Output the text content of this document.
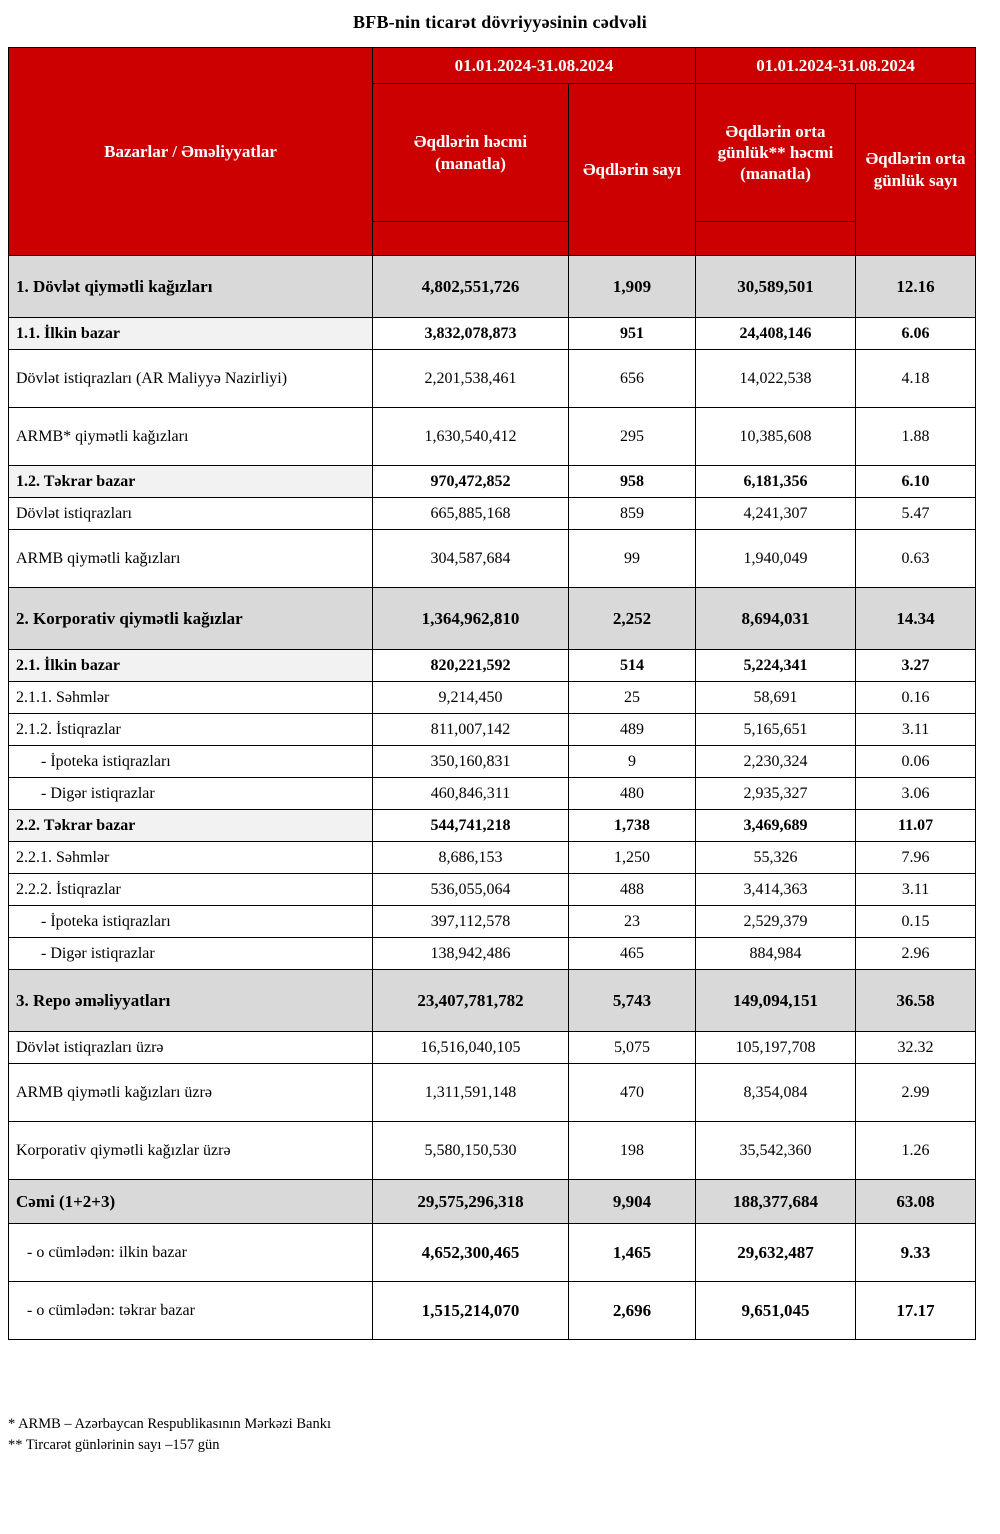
BFB-nin ticarət dövriyyəsinin cədvəli
Bazarlar / Əməliyyatlar	01.01.2024-31.08.2024		01.01.2024-31.08.2024	
	Əqdlərin həcmi (manatla)	Əqdlərin sayı	Əqdlərin orta günlük** həcmi (manatla)	Əqdlərin orta günlük sayı

1. Dövlət qiymətli kağızları	4,802,551,726	1,909	30,589,501	12.16
1.1. İlkin bazar	3,832,078,873	951	24,408,146	6.06
Dövlət istiqrazları (AR Maliyyə Nazirliyi)	2,201,538,461	656	14,022,538	4.18
ARMB* qiymətli kağızları	1,630,540,412	295	10,385,608	1.88
1.2. Təkrar bazar	970,472,852	958	6,181,356	6.10
Dövlət istiqrazları	665,885,168	859	4,241,307	5.47
ARMB qiymətli kağızları	304,587,684	99	1,940,049	0.63
2. Korporativ qiymətli kağızlar	1,364,962,810	2,252	8,694,031	14.34
2.1. İlkin bazar	820,221,592	514	5,224,341	3.27
2.1.1. Səhmlər	9,214,450	25	58,691	0.16
2.1.2. İstiqrazlar	811,007,142	489	5,165,651	3.11
- İpoteka istiqrazları	350,160,831	9	2,230,324	0.06
- Digər istiqrazlar	460,846,311	480	2,935,327	3.06
2.2. Təkrar bazar	544,741,218	1,738	3,469,689	11.07
2.2.1. Səhmlər	8,686,153	1,250	55,326	7.96
2.2.2. İstiqrazlar	536,055,064	488	3,414,363	3.11
- İpoteka istiqrazları	397,112,578	23	2,529,379	0.15
- Digər istiqrazlar	138,942,486	465	884,984	2.96
3. Repo əməliyyatları	23,407,781,782	5,743	149,094,151	36.58
Dövlət istiqrazları üzrə	16,516,040,105	5,075	105,197,708	32.32
ARMB qiymətli kağızları üzrə	1,311,591,148	470	8,354,084	2.99
Korporativ qiymətli kağızlar üzrə	5,580,150,530	198	35,542,360	1.26
Cəmi (1+2+3)	29,575,296,318	9,904	188,377,684	63.08
- o cümlədən: ilkin bazar	4,652,300,465	1,465	29,632,487	9.33
- o cümlədən: təkrar bazar	1,515,214,070	2,696	9,651,045	17.17
* ARMB – Azərbaycan Respublikasının Mərkəzi Bankı
** Tircarət günlərinin sayı –157 gün
